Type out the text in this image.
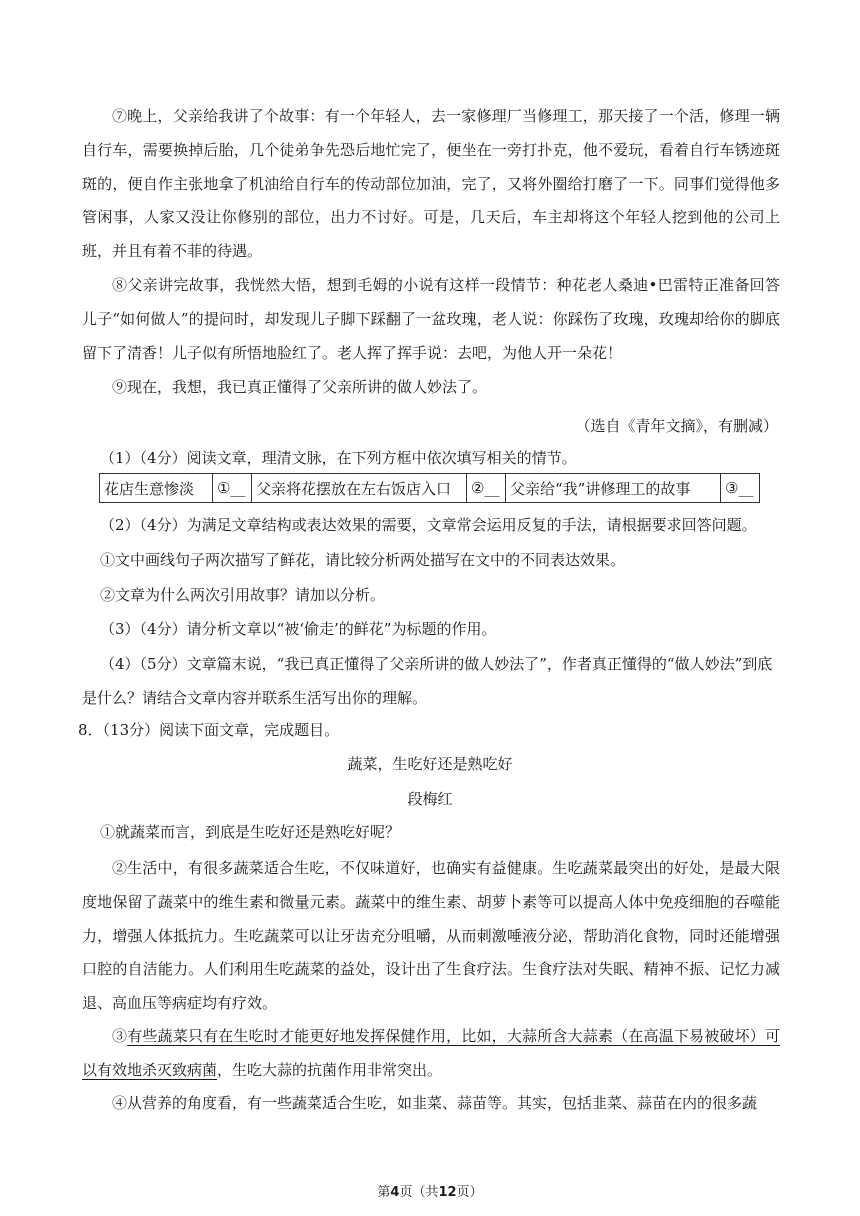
⑦晚上，父亲给我讲了个故事：有一个年轻人，去一家修理厂当修理工，那天接了一个活，修理一辆自行车，需要换掉后胎，几个徒弟争先恐后地忙完了，便坐在一旁打扑克，他不爱玩，看着自行车锈迹斑斑的，便自作主张地拿了机油给自行车的传动部位加油，完了，又将外圈给打磨了一下。同事们觉得他多管闲事，人家又没让你修别的部位，出力不讨好。可是，几天后，车主却将这个年轻人挖到他的公司上班，并且有着不菲的待遇。

⑧父亲讲完故事，我恍然大悟，想到毛姆的小说有这样一段情节：种花老人桑迪•巴雷特正准备回答儿子“如何做人”的提问时，却发现儿子脚下踩翻了一盆玫瑰，老人说：你踩伤了玫瑰，玫瑰却给你的脚底留下了清香！儿子似有所悟地脸红了。老人挥了挥手说：去吧，为他人开一朵花！

⑨现在，我想，我已真正懂得了父亲所讲的做人妙法了。

（选自《青年文摘》，有删减）

（1）（4分）阅读文章，理清文脉，在下列方框中依次填写相关的情节。

花店生意惨淡	①__	父亲将花摆放在左右饭店入口	②__	父亲给“我”讲修理工的故事	③__

（2）（4分）为满足文章结构或表达效果的需要，文章常会运用反复的手法，请根据要求回答问题。

①文中画线句子两次描写了鲜花，请比较分析两处描写在文中的不同表达效果。

②文章为什么两次引用故事？请加以分析。

（3）（4分）请分析文章以“被‘偷走’的鲜花”为标题的作用。

（4）（5分）文章篇末说，“我已真正懂得了父亲所讲的做人妙法了”，作者真正懂得的“做人妙法”到底是什么？请结合文章内容并联系生活写出你的理解。

8．（13分）阅读下面文章，完成题目。

蔬菜，生吃好还是熟吃好
段梅红

①就蔬菜而言，到底是生吃好还是熟吃好呢？

②生活中，有很多蔬菜适合生吃，不仅味道好，也确实有益健康。生吃蔬菜最突出的好处，是最大限度地保留了蔬菜中的维生素和微量元素。蔬菜中的维生素、胡萝卜素等可以提高人体中免疫细胞的吞噬能力，增强人体抵抗力。生吃蔬菜可以让牙齿充分咀嚼，从而刺激唾液分泌，帮助消化食物，同时还能增强口腔的自洁能力。人们利用生吃蔬菜的益处，设计出了生食疗法。生食疗法对失眠、精神不振、记忆力减退、高血压等病症均有疗效。

③有些蔬菜只有在生吃时才能更好地发挥保健作用，比如，大蒜所含大蒜素（在高温下易被破坏）可以有效地杀灭致病菌，生吃大蒜的抗菌作用非常突出。

④从营养的角度看，有一些蔬菜适合生吃，如韭菜、蒜苗等。其实，包括韭菜、蒜苗在内的很多蔬

第4页（共12页）
